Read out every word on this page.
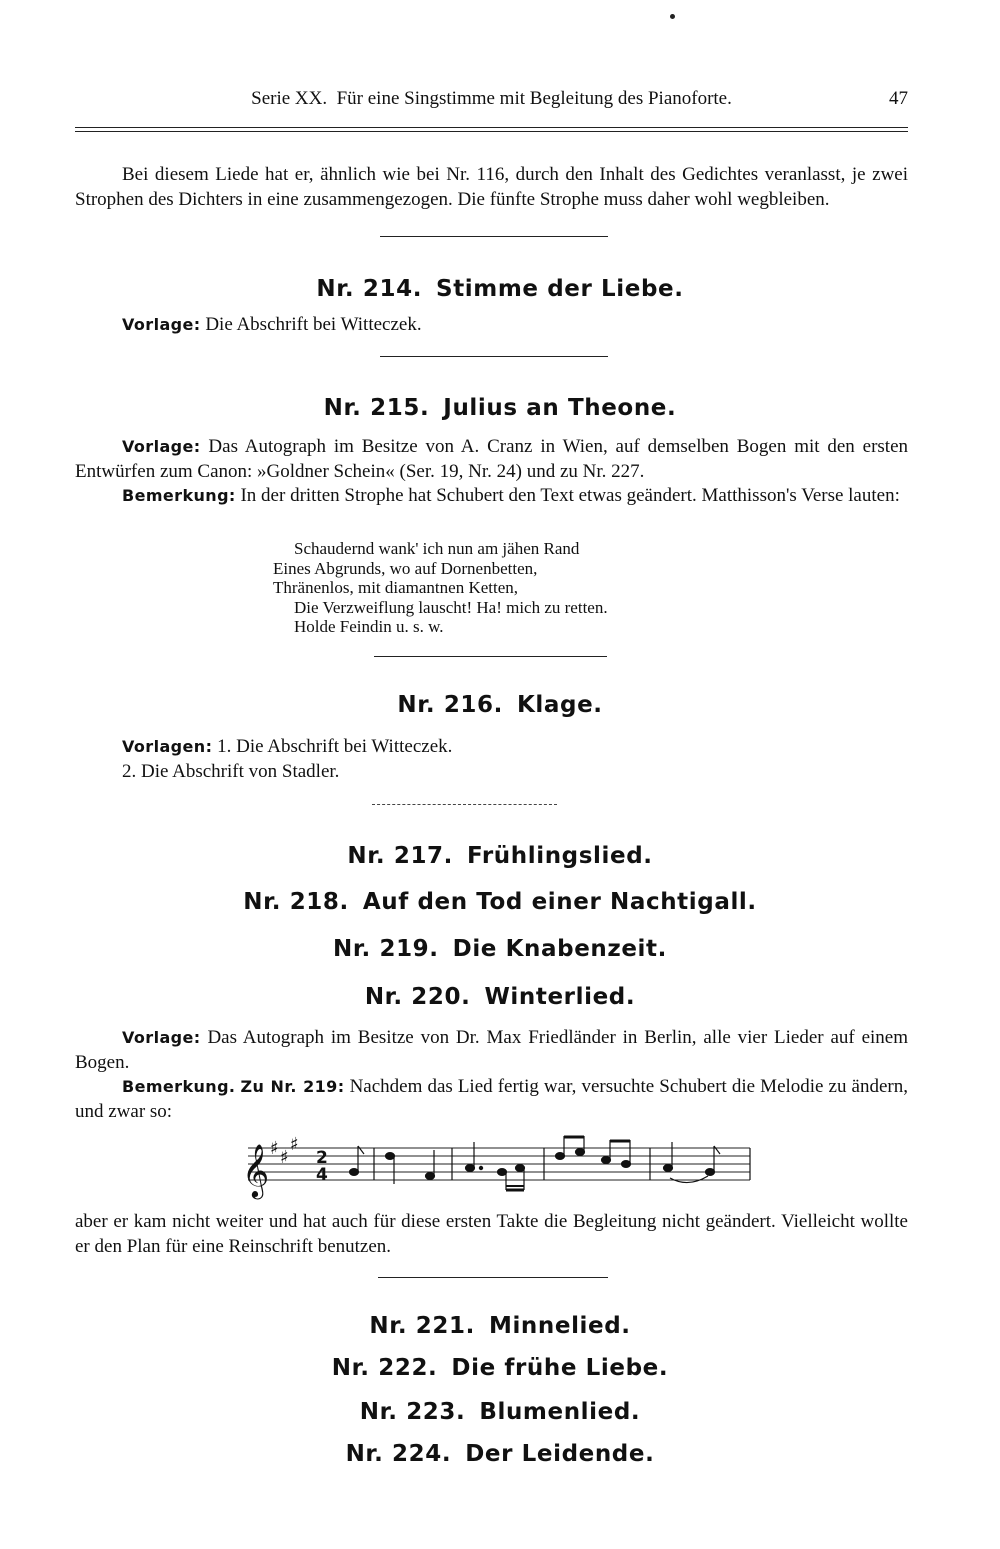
Serie XX.  Für eine Singstimme mit Begleitung des Pianoforte.	47

Bei diesem Liede hat er, ähnlich wie bei Nr. 116, durch den Inhalt des Gedichtes veranlasst, je zwei Strophen des Dichters in eine zusammengezogen. Die fünfte Strophe muss daher wohl wegbleiben.

Nr. 214. Stimme der Liebe.

Vorlage: Die Abschrift bei Witteczek.

Nr. 215. Julius an Theone.

Vorlage: Das Autograph im Besitze von A. Cranz in Wien, auf demselben Bogen mit den ersten Entwürfen zum Canon: »Goldner Schein« (Ser. 19, Nr. 24) und zu Nr. 227.

Bemerkung: In der dritten Strophe hat Schubert den Text etwas geändert. Matthisson's Verse lauten:

Schaudernd wank' ich nun am jähen Rand
Eines Abgrunds, wo auf Dornenbetten,
Thränenlos, mit diamantnen Ketten,
Die Verzweiflung lauscht! Ha! mich zu retten.
Holde Feindin u. s. w.
Nr. 216. Klage.

Vorlagen: 1. Die Abschrift bei Witteczek.

2. Die Abschrift von Stadler.

Nr. 217. Frühlingslied.
Nr. 218. Auf den Tod einer Nachtigall.
Nr. 219. Die Knabenzeit.
Nr. 220. Winterlied.

Vorlage: Das Autograph im Besitze von Dr. Max Friedländer in Berlin, alle vier Lieder auf einem Bogen.

Bemerkung. Zu Nr. 219: Nachdem das Lied fertig war, versuchte Schubert die Melodie zu ändern, und zwar so:

𝄞 ♯ ♯
♯
2
4

aber er kam nicht weiter und hat auch für diese ersten Takte die Begleitung nicht geändert. Vielleicht wollte er den Plan für eine Reinschrift benutzen.

Nr. 221. Minnelied.
Nr. 222. Die frühe Liebe.
Nr. 223. Blumenlied.
Nr. 224. Der Leidende.
